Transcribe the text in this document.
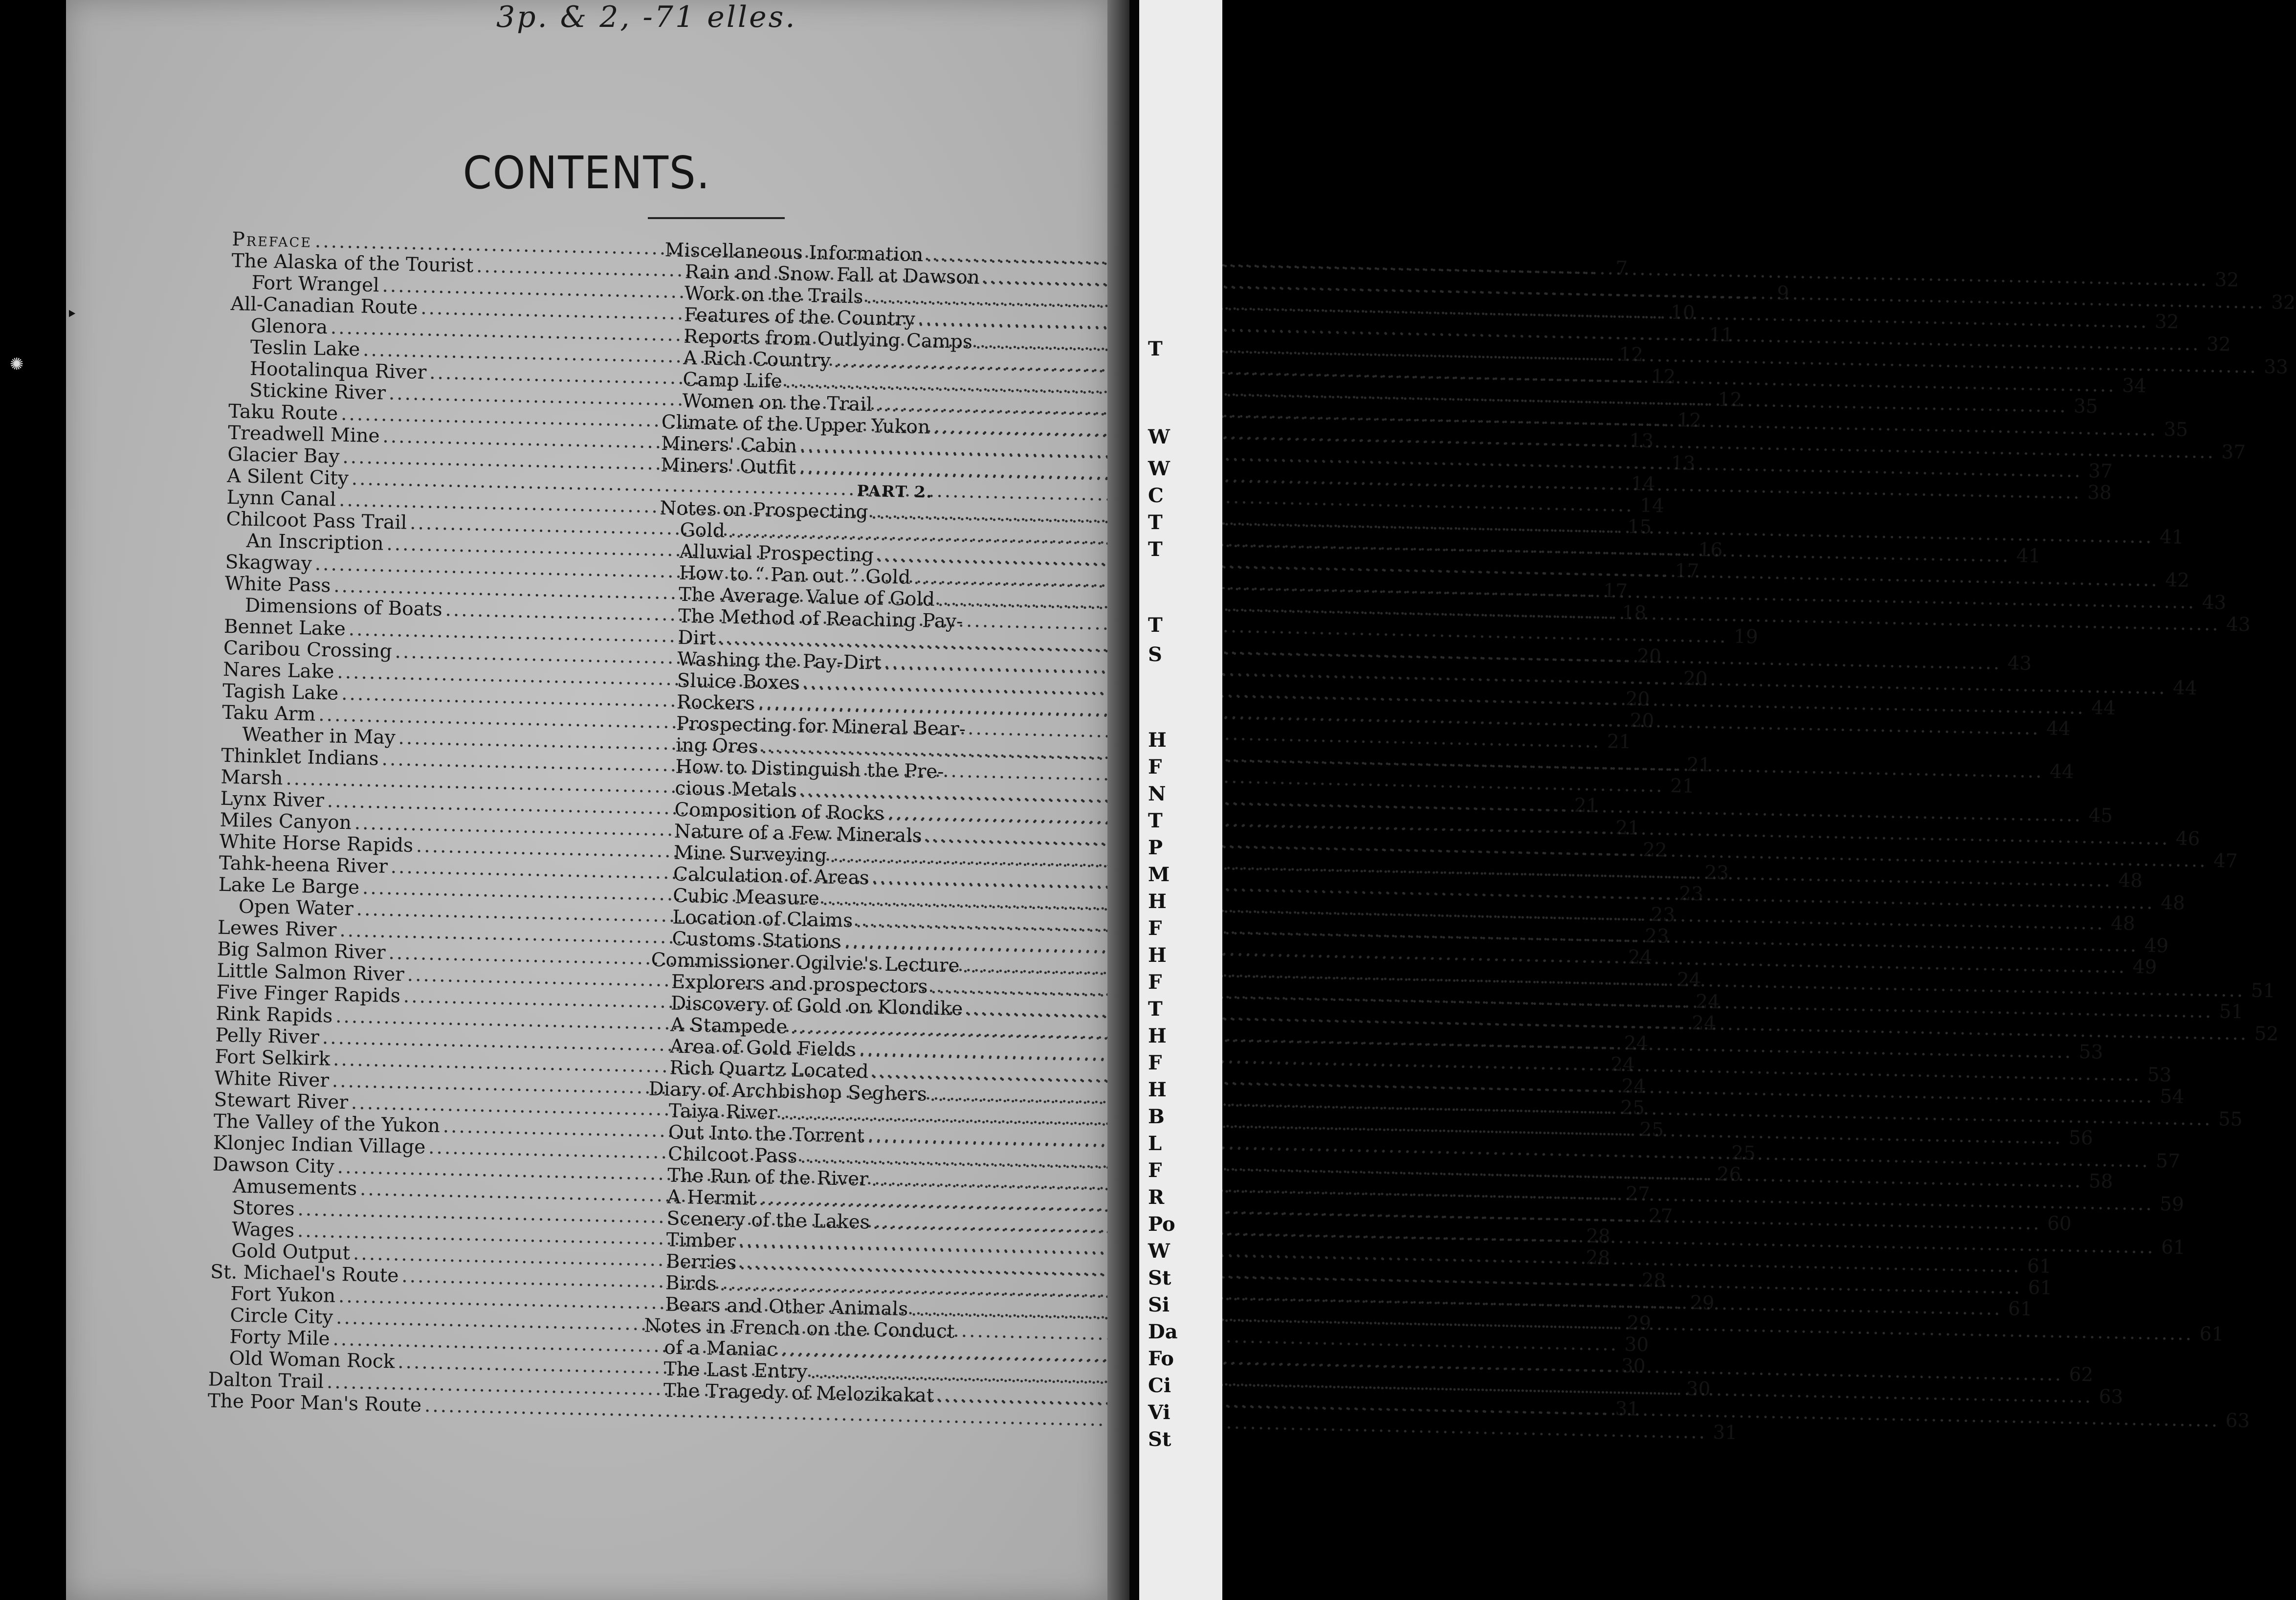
3p. & 2, -71 elles.
CONTENTS.
‣
Preface
.....
7
The Alaska of the Tourist
.....
9
Fort Wrangel
.....
10
All-Canadian Route
.....
11
Glenora
.....
12
Teslin Lake
.....
12
Hootalinqua River
.....
12
Stickine River
.....
12
Taku Route
.....
13
Treadwell Mine
.....
13
Glacier Bay
.....
14
A Silent City
.....
14
Lynn Canal
.....
15
Chilcoot Pass Trail
.....
16
An Inscription
.....
17
Skagway
.....
17
White Pass
.....
18
Dimensions of Boats
.....
19
Bennet Lake
.....
20
Caribou Crossing
.....
20
Nares Lake
.....
20
Tagish Lake
.....
20
Taku Arm
.....
21
Weather in May
.....
21
Thinklet Indians
.....
21
Marsh
.....
21
Lynx River
.....
21
Miles Canyon
.....
22
White Horse Rapids
.....
23
Tahk-heena River
.....
23
Lake Le Barge
.....
23
Open Water
.....
23
Lewes River
.....
24
Big Salmon River
.....
24
Little Salmon River
.....
24
Five Finger Rapids
.....
24
Rink Rapids
.....
24
Pelly River
.....
24
Fort Selkirk
.....
24
White River
.....
25
Stewart River
.....
25
The Valley of the Yukon
.....
25
Klonjec Indian Village
.....
26
Dawson City
.....
27
Amusements
.....
27
Stores
.....
28
Wages
.....
28
Gold Output
.....
28
St. Michael's Route
.....
29
Fort Yukon
.....
29
Circle City
.....
30
Forty Mile
.....
30
Old Woman Rock
.....
30
Dalton Trail
.....
31
The Poor Man's Route
.....
31
Miscellaneous Information
.....
32
Rain and Snow Fall at Dawson
.....
32
Work on the Trails
.....
32
Features of the Country
.....
32
Reports from Outlying Camps
.....
33
A Rich Country
.....
34
Camp Life
.....
35
Women on the Trail
.....
35
Climate of the Upper Yukon
.....
37
Miners' Cabin
.....
37
Miners' Outfit
.....
38
PART 2.
Notes on Prospecting
.....
41
Gold
.....
41
Alluvial Prospecting
.....
42
How to “ Pan out ” Gold
.....
43
The Average Value of Gold
.....
43
The Method of Reaching Pay-
Dirt
.....
43
Washing the Pay-Dirt
.....
44
Sluice Boxes
.....
44
Rockers
.....
44
Prospecting for Mineral Bear-
ing Ores
.....
44
How to Distinguish the Pre-
cious Metals
.....
45
Composition of Rocks
.....
46
Nature of a Few Minerals
.....
47
Mine Surveying
.....
48
Calculation of Areas
.....
48
Cubic Measure
.....
48
Location of Claims
.....
49
Customs Stations
.....
49
Commissioner Ogilvie's Lecture
.....
51
Explorers and prospectors
.....
51
Discovery of Gold on Klondike
.....
52
A Stampede
.....
53
Area of Gold Fields
.....
53
Rich Quartz Located
.....
54
Diary of Archbishop Seghers
.....
55
Taiya River
.....
56
Out Into the Torrent
.....
57
Chilcoot Pass
.....
58
The Run of the River
.....
59
A Hermit
.....
60
Scenery of the Lakes
.....
61
Timber
.....
61
Berries
.....
61
Birds
.....
61
Bears and Other Animals
.....
61
Notes in French on the Conduct
of a Maniac
.....
62
The Last Entry
.....
63
The Tragedy of Melozikakat
.....
63
T
W
W
C
T
T
T
S
H
F
N
T
P
M
H
F
H
F
T
H
F
H
B
L
F
R
Po
W
St
Si
Da
Fo
Ci
Vi
St
✺
